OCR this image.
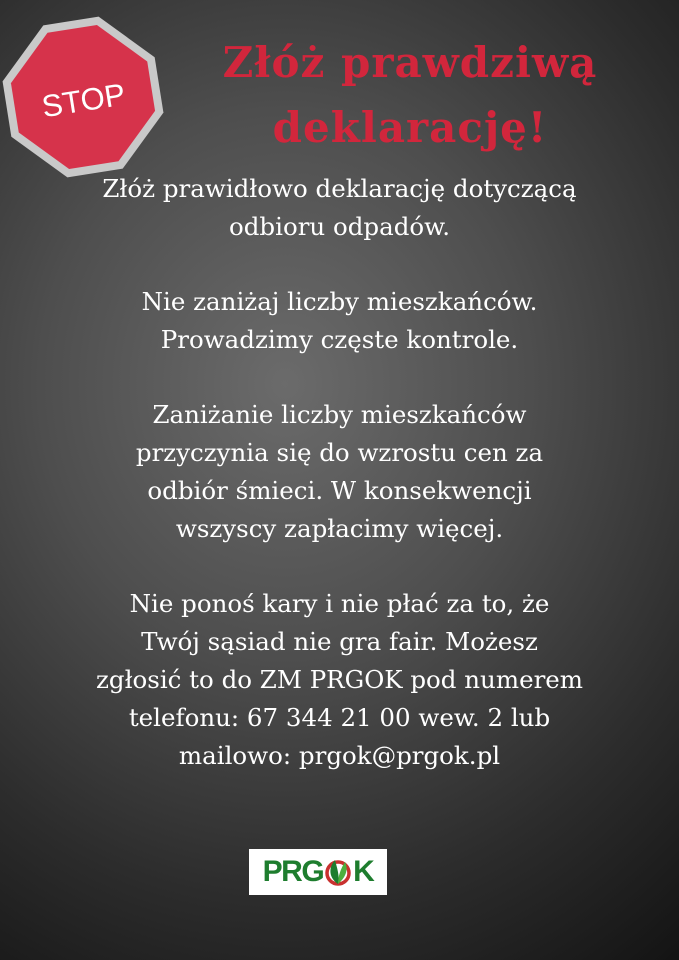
STOP
Złóż prawdziwą
deklarację!

Złóż prawidłowo deklarację dotyczącą
odbioru odpadów.

Nie zaniżaj liczby mieszkańców.
Prowadzimy częste kontrole.

Zaniżanie liczby mieszkańców
przyczynia się do wzrostu cen za
odbiór śmieci. W konsekwencji
wszyscy zapłacimy więcej.

Nie ponoś kary i nie płać za to, że
Twój sąsiad nie gra fair. Możesz
zgłosić to do ZM PRGOK pod numerem
telefonu: 67 344 21 00 wew. 2 lub
mailowo: prgok@prgok.pl

PRG K
